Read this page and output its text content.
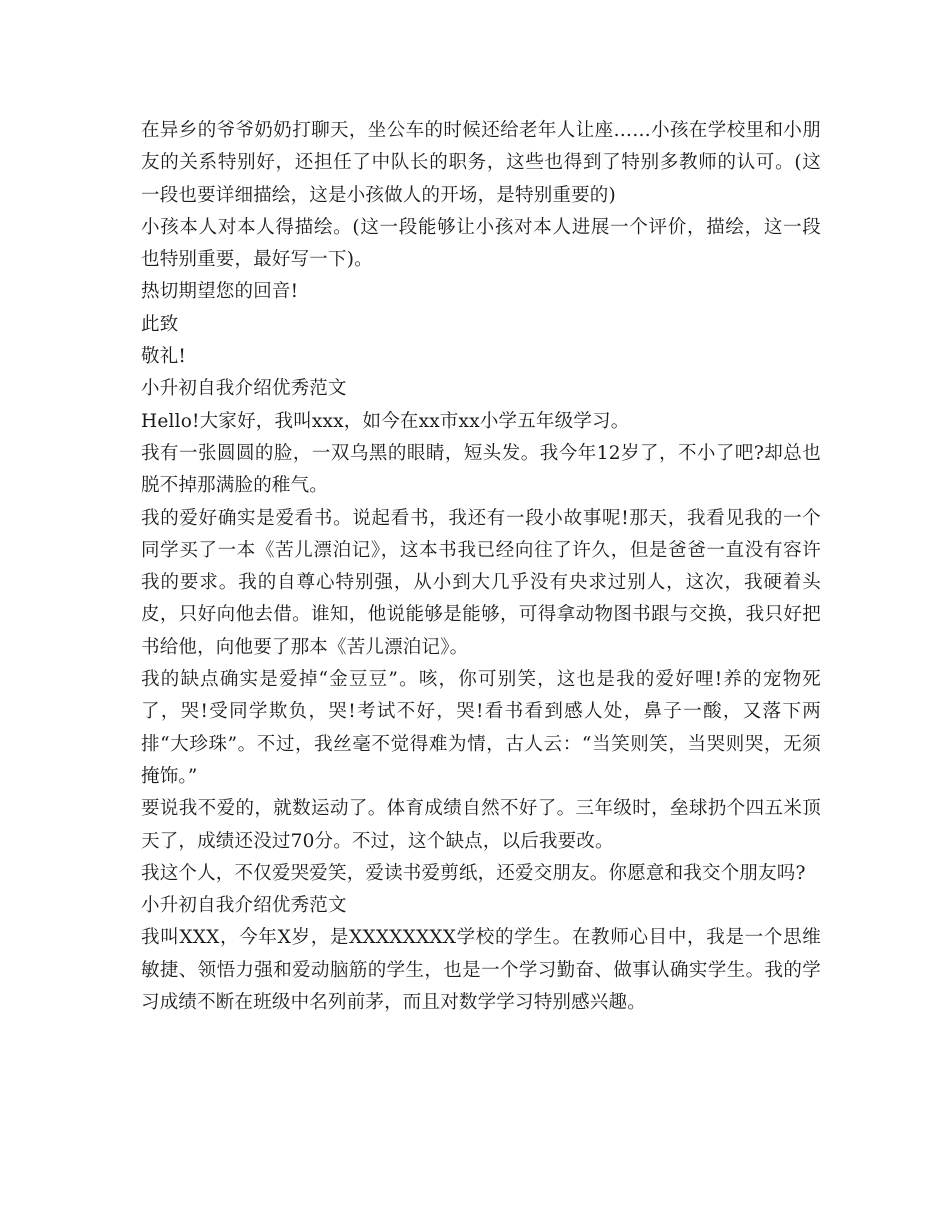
在异乡的爷爷奶奶打聊天，坐公车的时候还给老年人让座……小孩在学校里和小朋友的关系特别好，还担任了中队长的职务，这些也得到了特别多教师的认可。(这一段也要详细描绘，这是小孩做人的开场，是特别重要的)

小孩本人对本人得描绘。(这一段能够让小孩对本人进展一个评价，描绘，这一段也特别重要，最好写一下)。

热切期望您的回音!

此致

敬礼!

小升初自我介绍优秀范文

Hello!大家好，我叫xxx，如今在xx市xx小学五年级学习。

我有一张圆圆的脸，一双乌黑的眼睛，短头发。我今年12岁了，不小了吧?却总也脱不掉那满脸的稚气。

我的爱好确实是爱看书。说起看书，我还有一段小故事呢!那天，我看见我的一个同学买了一本《苦儿漂泊记》，这本书我已经向往了许久，但是爸爸一直没有容许我的要求。我的自尊心特别强，从小到大几乎没有央求过别人，这次，我硬着头皮，只好向他去借。谁知，他说能够是能够，可得拿动物图书跟与交换，我只好把书给他，向他要了那本《苦儿漂泊记》。

我的缺点确实是爱掉“金豆豆”。咳，你可别笑，这也是我的爱好哩!养的宠物死了，哭!受同学欺负，哭!考试不好，哭!看书看到感人处，鼻子一酸，又落下两排“大珍珠”。不过，我丝毫不觉得难为情，古人云：“当笑则笑，当哭则哭，无须掩饰。”

要说我不爱的，就数运动了。体育成绩自然不好了。三年级时，垒球扔个四五米顶天了，成绩还没过70分。不过，这个缺点，以后我要改。

我这个人，不仅爱哭爱笑，爱读书爱剪纸，还爱交朋友。你愿意和我交个朋友吗?

小升初自我介绍优秀范文

我叫XXX，今年X岁，是XXXXXXXX学校的学生。在教师心目中，我是一个思维敏捷、领悟力强和爱动脑筋的学生，也是一个学习勤奋、做事认确实学生。我的学习成绩不断在班级中名列前茅，而且对数学学习特别感兴趣。
